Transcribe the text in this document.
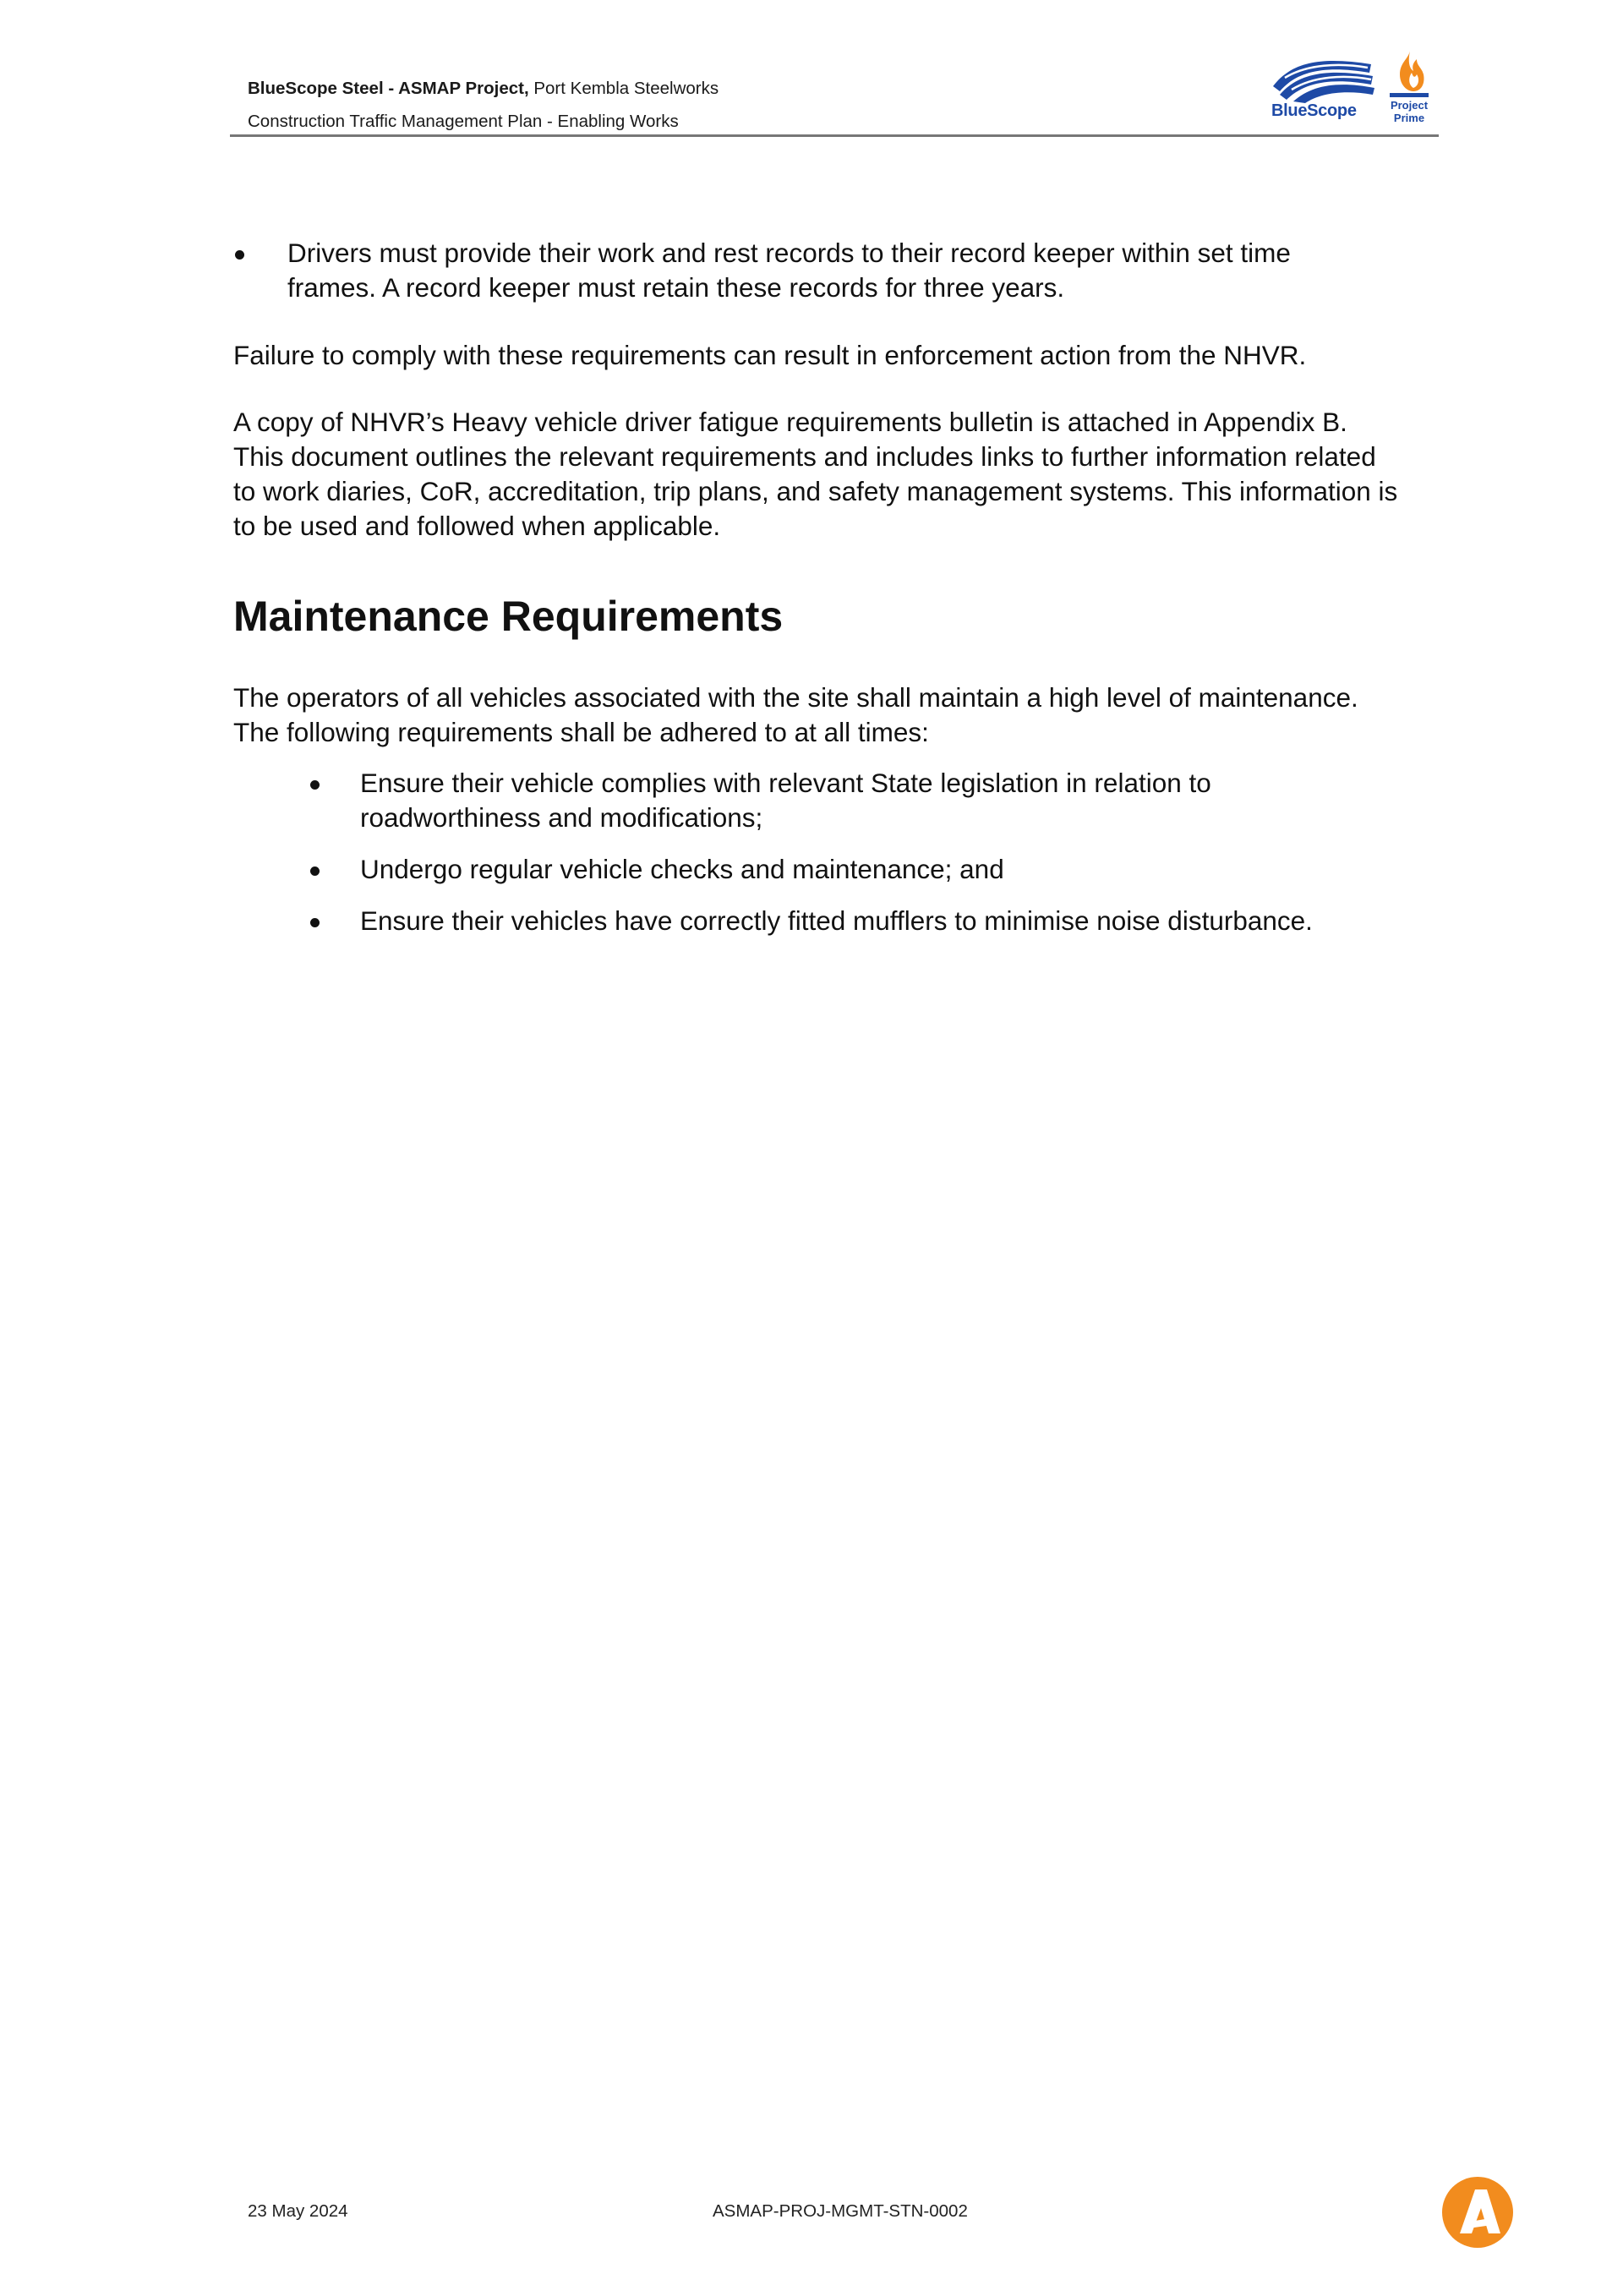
BlueScope Steel - ASMAP Project, Port Kembla Steelworks
Construction Traffic Management Plan - Enabling Works
BlueScope	Project
Prime
Drivers must provide their work and rest records to their record keeper within set time
frames. A record keeper must retain these records for three years.
Failure to comply with these requirements can result in enforcement action from the NHVR.
A copy of NHVR’s Heavy vehicle driver fatigue requirements bulletin is attached in Appendix B.
This document outlines the relevant requirements and includes links to further information related
to work diaries, CoR, accreditation, trip plans, and safety management systems. This information is
to be used and followed when applicable.
Maintenance Requirements
The operators of all vehicles associated with the site shall maintain a high level of maintenance.
The following requirements shall be adhered to at all times:
Ensure their vehicle complies with relevant State legislation in relation to
roadworthiness and modifications;
Undergo regular vehicle checks and maintenance; and
Ensure their vehicles have correctly fitted mufflers to minimise noise disturbance.
23 May 2024	ASMAP-PROJ-MGMT-STN-0002
